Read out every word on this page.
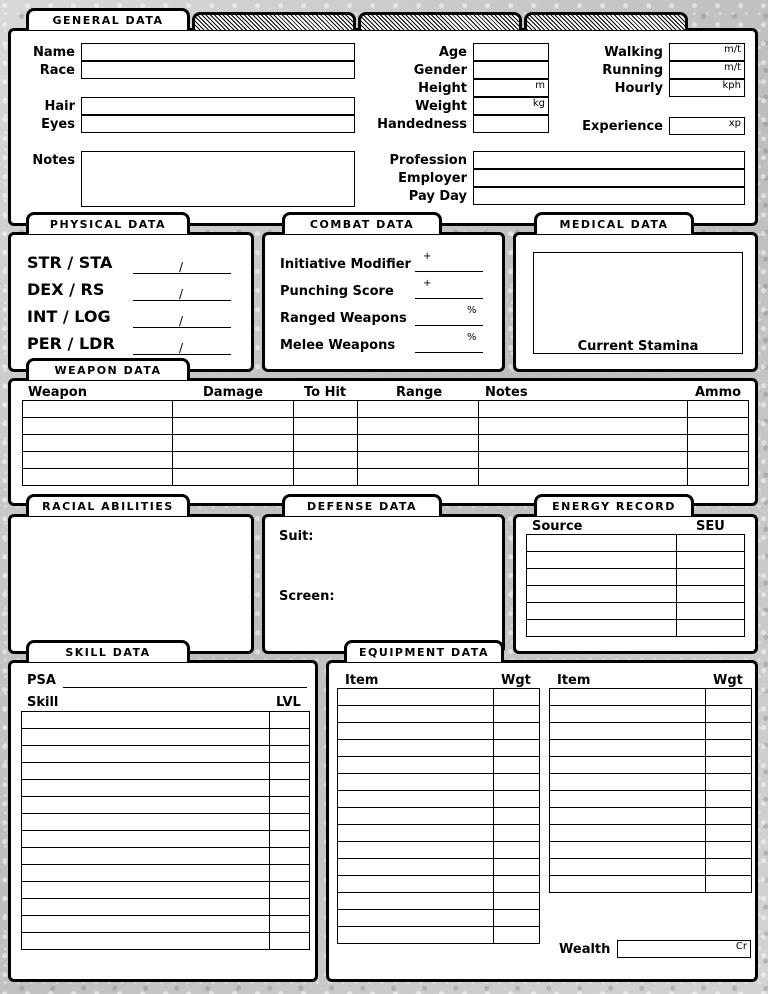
GENERAL DATA
Name
Race
Hair
Eyes
Notes
Age
Gender
Height	m
Weight	kg
Handedness
Walking	m/t
Running	m/t
Hourly	kph
Experience	xp
Profession
Employer
Pay Day
PHYSICAL DATA
STR / STA	/
DEX / RS	/
INT / LOG	/
PER / LDR	/
COMBAT DATA
Initiative Modifier
+
Punching Score
+
Ranged Weapons
%
Melee Weapons
%
MEDICAL DATA
Current Stamina
WEAPON DATA
Weapon	Damage	To Hit	Range	Notes	Ammo

RACIAL ABILITIES	DEFENSE DATA
Suit:
Screen:
ENERGY RECORD
Source	SEU

SKILL DATA
PSA
Skill	LVL

EQUIPMENT DATA
Item	Wgt Item	Wgt

Wealth	Cr
